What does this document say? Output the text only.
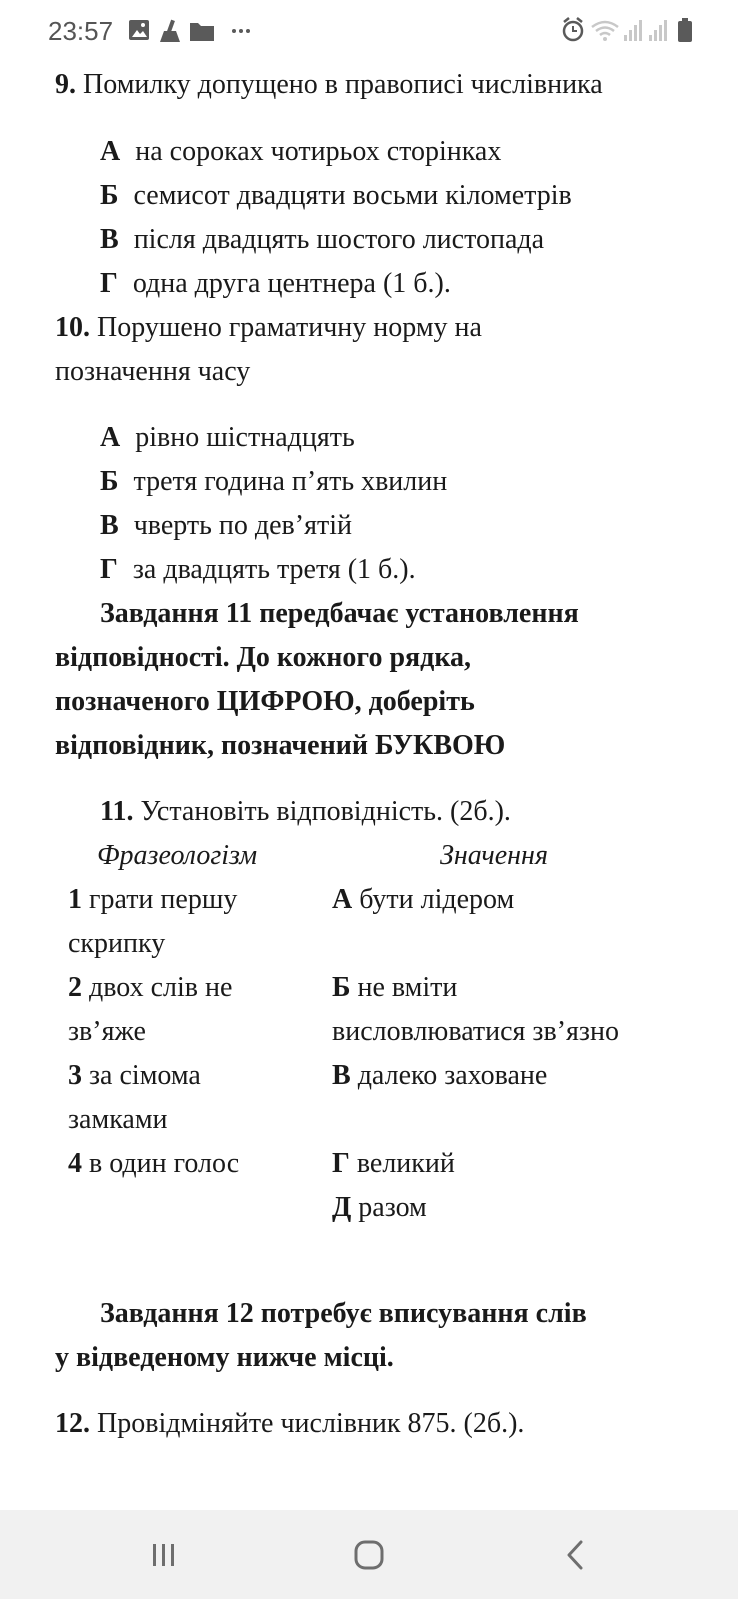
23:57
9. Помилку допущено в правописі числівника
А на сороках чотирьох сторінках
Б семисот двадцяти восьми кілометрів
В після двадцять шостого листопада
Г одна друга центнера (1 б.).
10. Порушено граматичну норму на
позначення часу
А рівно шістнадцять
Б третя година п’ять хвилин
В чверть по дев’ятій
Г за двадцять третя (1 б.).
Завдання 11 передбачає установлення
відповідності. До кожного рядка,
позначеного ЦИФРОЮ, доберіть
відповідник, позначений БУКВОЮ
11. Установіть відповідність. (2б.).
Фразеологізм	Значення
1 грати першу
скрипку
2 двох слів не
зв’яже
3 за сімома
замками
4 в один голос
А бути лідером
Б не вміти
висловлюватися зв’язно
В далеко заховане
Г великий
Д разом
Завдання 12 потребує вписування слів
у відведеному нижче місці.
12. Провідміняйте числівник 875. (2б.).
